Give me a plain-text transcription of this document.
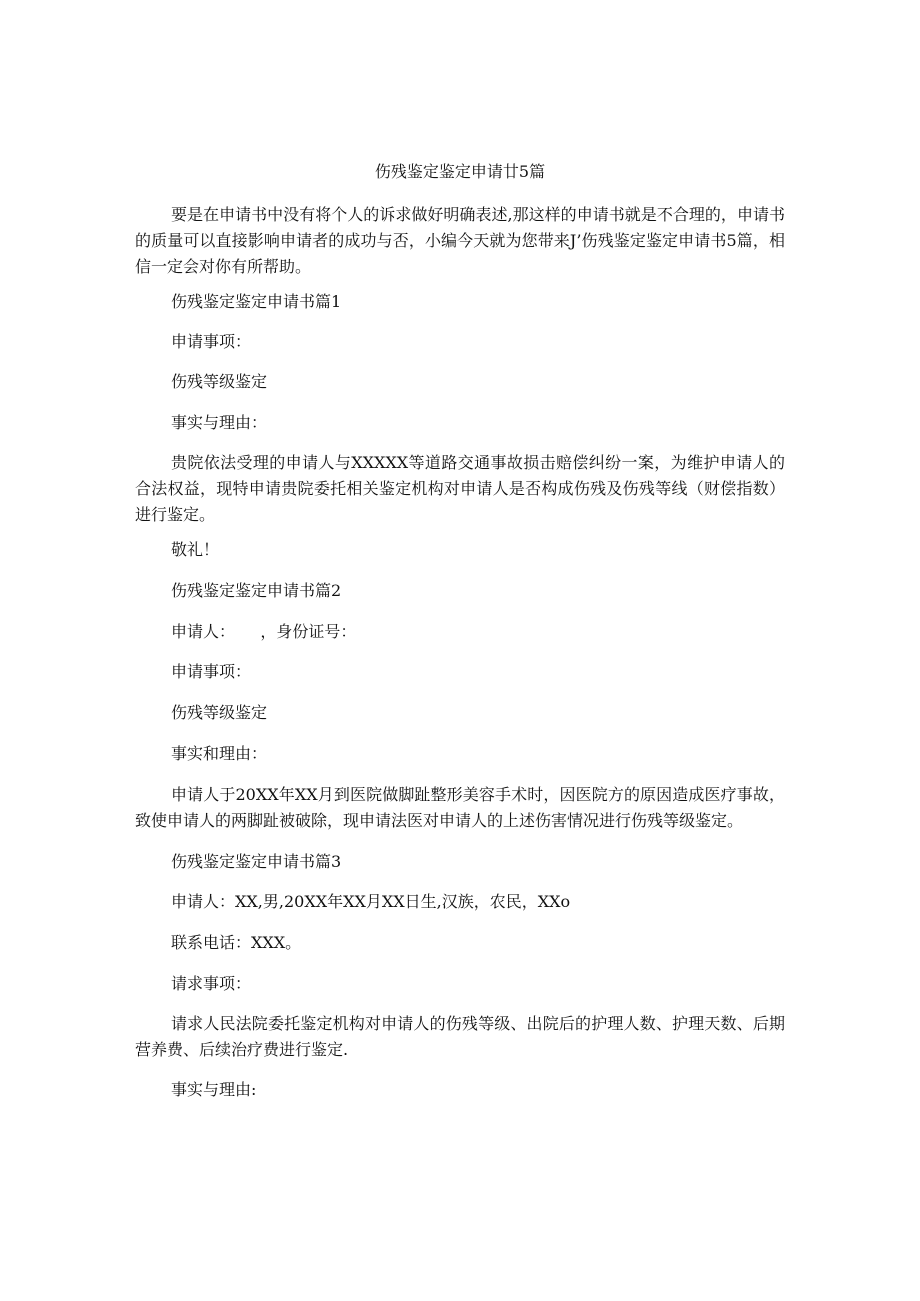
伤残鉴定鉴定申请廿5篇

要是在申请书中没有将个人的诉求做好明确表述,那这样的申请书就是不合理的，申请书的质量可以直接影响申请者的成功与否，小编今天就为您带来J’伤残鉴定鉴定申请书5篇，相信一定会对你有所帮助。

伤残鉴定鉴定申请书篇1

申请事项：

伤残等级鉴定

事实与理由：

贵院依法受理的申请人与XXXXX等道路交通事故损击赔偿纠纷一案，为维护申请人的合法权益，现特申请贵院委托相关鉴定机构对申请人是否构成伤残及伤残等线（财偿指数）进行鉴定。

敬礼！

伤残鉴定鉴定申请书篇2

申请人：     ，身份证号：

申请事项：

伤残等级鉴定

事实和理由：

申请人于20XX年XX月到医院做脚趾整形美容手术时，因医院方的原因造成医疗事故，致使申请人的两脚趾被破除，现申请法医对申请人的上述伤害情况进行伤残等级鉴定。

伤残鉴定鉴定申请书篇3

申请人：XX,男,20XX年XX月XX日生,汉族，农民，XXo

联系电话：XXX。

请求事项：

请求人民法院委托鉴定机构对申请人的伤残等级、出院后的护理人数、护理天数、后期营养费、后续治疗费进行鉴定.

事实与理由:
